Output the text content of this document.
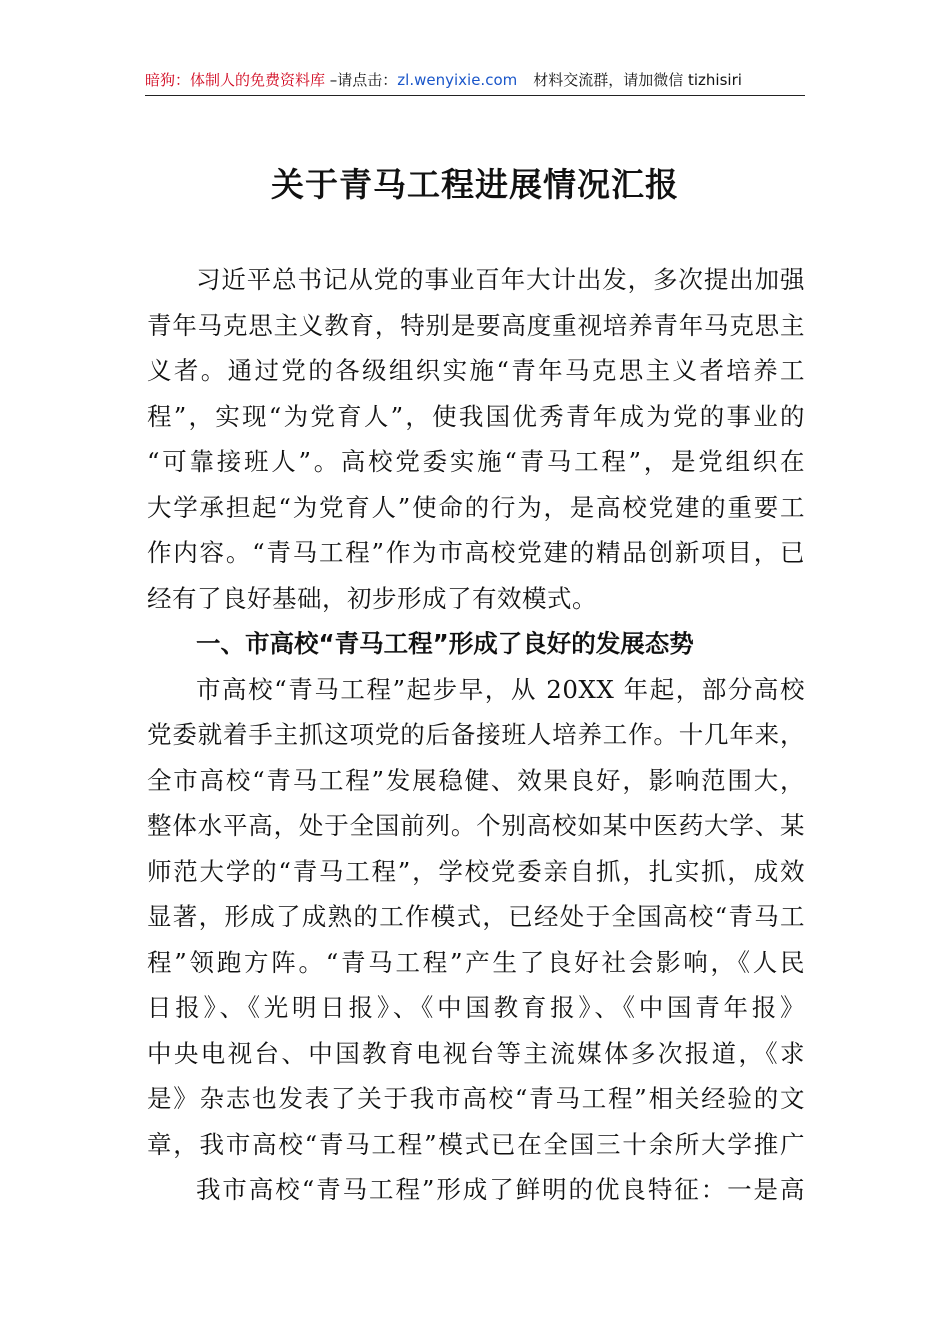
暗狗：体制人的免费资料库 –请点击：zl.wenyixie.com 材料交流群，请加微信 tizhisiri
关于青马工程进展情况汇报
习近平总书记从党的事业百年大计出发，多次提出加强
青年马克思主义教育，特别是要高度重视培养青年马克思主
义者。通过党的各级组织实施“青年马克思主义者培养工
程”，实现“为党育人”，使我国优秀青年成为党的事业的
“可靠接班人”。高校党委实施“青马工程”，是党组织在
大学承担起“为党育人”使命的行为，是高校党建的重要工
作内容。“青马工程”作为市高校党建的精品创新项目，已
经有了良好基础，初步形成了有效模式。
一、市高校“青马工程”形成了良好的发展态势
市高校“青马工程”起步早，从 20XX 年起，部分高校
党委就着手主抓这项党的后备接班人培养工作。十几年来，
全市高校“青马工程”发展稳健、效果良好，影响范围大，
整体水平高，处于全国前列。个别高校如某中医药大学、某
师范大学的“青马工程”，学校党委亲自抓，扎实抓，成效
显著，形成了成熟的工作模式，已经处于全国高校“青马工
程”领跑方阵。“青马工程”产生了良好社会影响，《人民
日报》、《光明日报》、《中国教育报》、《中国青年报》
中央电视台、中国教育电视台等主流媒体多次报道，《求
是》杂志也发表了关于我市高校“青马工程”相关经验的文
章，我市高校“青马工程”模式已在全国三十余所大学推广
我市高校“青马工程”形成了鲜明的优良特征：一是高
